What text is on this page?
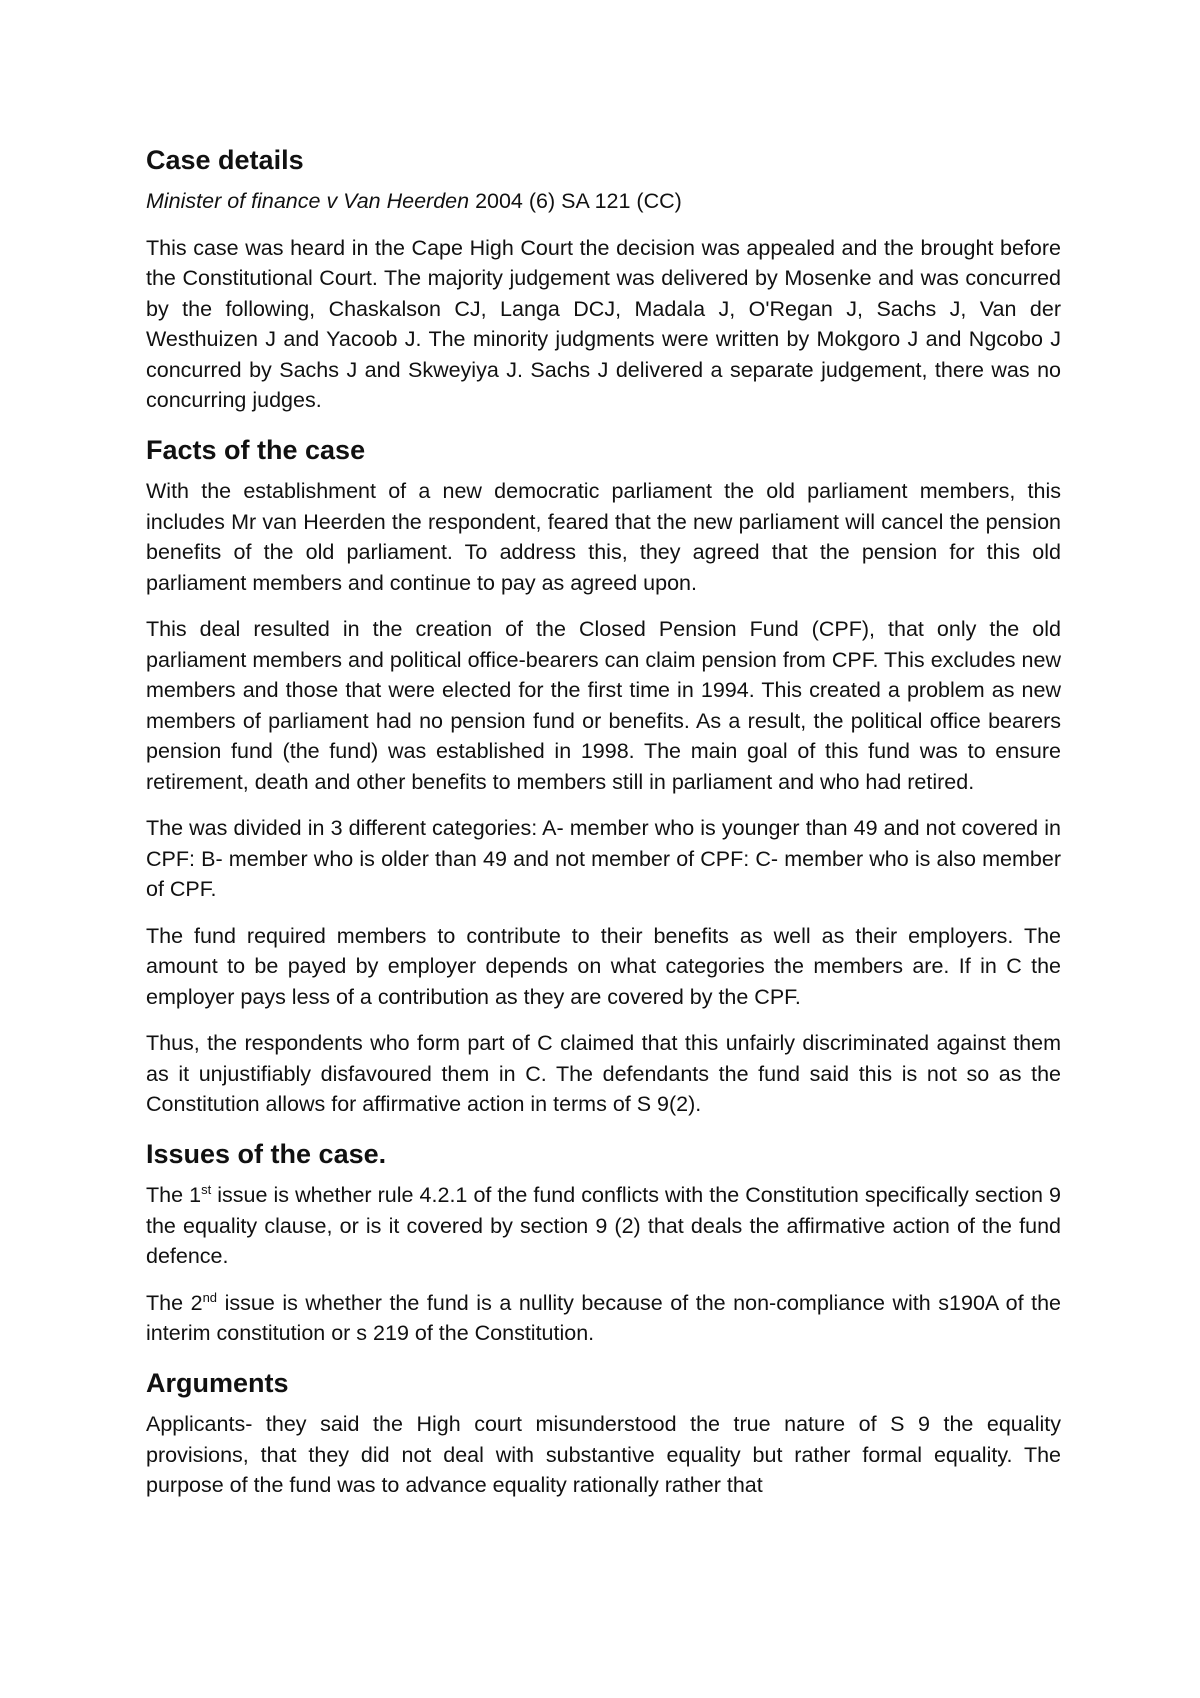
Case details

Minister of finance v Van Heerden 2004 (6) SA 121 (CC)

This case was heard in the Cape High Court the decision was appealed and the brought before the Constitutional Court. The majority judgement was delivered by Mosenke and was concurred by the following, Chaskalson CJ, Langa DCJ, Madala J, O'Regan J, Sachs J, Van der Westhuizen J and Yacoob J. The minority judgments were written by Mokgoro J and Ngcobo J concurred by Sachs J and Skweyiya J. Sachs J delivered a separate judgement, there was no concurring judges.

Facts of the case

With the establishment of a new democratic parliament the old parliament members, this includes Mr van Heerden the respondent, feared that the new parliament will cancel the pension benefits of the old parliament. To address this, they agreed that the pension for this old parliament members and continue to pay as agreed upon.

This deal resulted in the creation of the Closed Pension Fund (CPF), that only the old parliament members and political office-bearers can claim pension from CPF. This excludes new members and those that were elected for the first time in 1994. This created a problem as new members of parliament had no pension fund or benefits. As a result, the political office bearers pension fund (the fund) was established in 1998. The main goal of this fund was to ensure retirement, death and other benefits to members still in parliament and who had retired.

The was divided in 3 different categories: A- member who is younger than 49 and not covered in CPF: B- member who is older than 49 and not member of CPF: C- member who is also member of CPF.

The fund required members to contribute to their benefits as well as their employers. The amount to be payed by employer depends on what categories the members are. If in C the employer pays less of a contribution as they are covered by the CPF.

Thus, the respondents who form part of C claimed that this unfairly discriminated against them as it unjustifiably disfavoured them in C. The defendants the fund said this is not so as the Constitution allows for affirmative action in terms of S 9(2).

Issues of the case.

The 1st issue is whether rule 4.2.1 of the fund conflicts with the Constitution specifically section 9 the equality clause, or is it covered by section 9 (2) that deals the affirmative action of the fund defence.

The 2nd issue is whether the fund is a nullity because of the non-compliance with s190A of the interim constitution or s 219 of the Constitution.

Arguments

Applicants- they said the High court misunderstood the true nature of S 9 the equality provisions, that they did not deal with substantive equality but rather formal equality. The purpose of the fund was to advance equality rationally rather that
